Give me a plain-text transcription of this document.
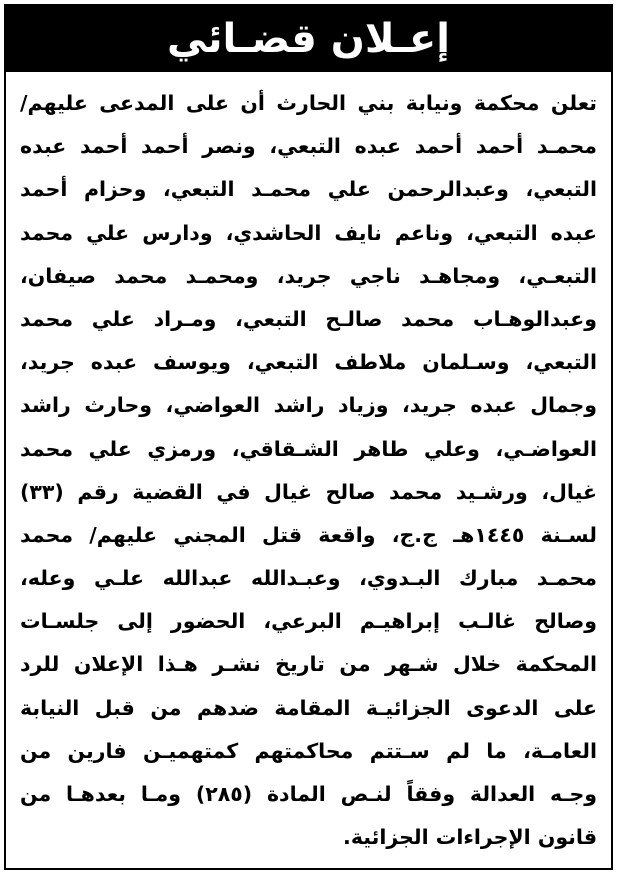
إعـلان قضـائي
تعلن محكمة ونيابة بني الحارث أن على المدعى عليهم/
محمـد أحمد أحمد عبده التبعي، ونصر أحمد أحمد عبده
التبعي، وعبدالرحمن علي محمـد التبعي، وحزام أحمد
عبده التبعي، وناعم نايف الحاشدي، ودارس علي محمد
التبعـي، ومجاهـد ناجي جريد، ومحمـد محمد صيفان،
وعبدالوهـاب محمد صالـح التبعي، ومـراد علي محمد
التبعي، وسـلمان ملاطف التبعي، ويوسف عبده جريد،
وجمال عبده جريد، وزياد راشد العواضي، وحارث راشد
العواضـي، وعلي طاهر الشـقاقي، ورمزي علي محمد
غيال، ورشـيد محمد صالح غيال في القضية رقم (٣٣)
لسـنة ١٤٤٥هـ ج.ج، واقعة قتل المجني عليهم/ محمد
محمـد مبارك البـدوي، وعبـدالله عبدالله علـي وعله،
وصالح غالـب إبراهيـم البرعي، الحضور إلى جلسـات
المحكمة خلال شـهر من تاريخ نشـر هـذا الإعلان للرد
على الدعوى الجزائيـة المقامة ضدهم من قبل النيابة
العامـة، ما لم سـتتم محاكمتهم كمتهميـن فارين من
وجـه العدالة وفقاً لنـص المادة (٢٨٥) ومـا بعدهـا من
قانون الإجراءات الجزائية.
